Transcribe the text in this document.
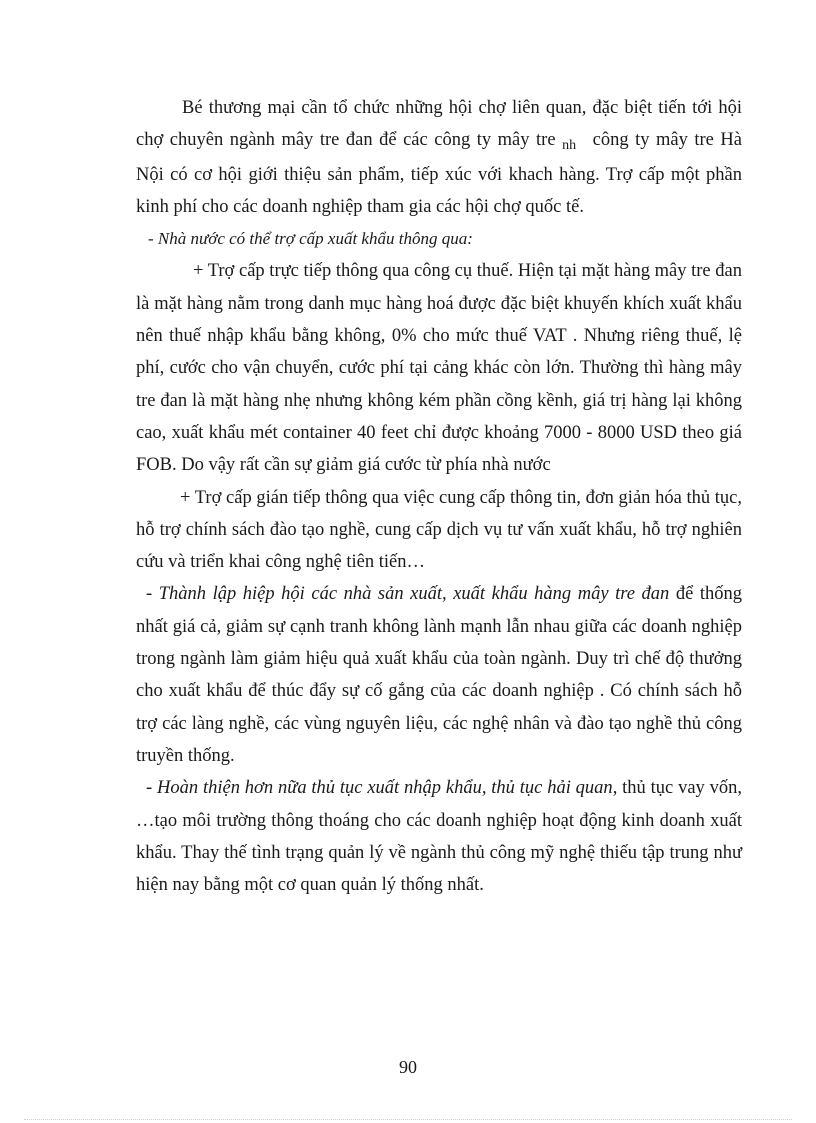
Bé thương mại cần tổ chức những hội chợ liên quan, đặc biệt tiến tới hội chợ chuyên ngành mây tre đan để các công ty mây tre $_{nh}$ công ty mây tre Hà Nội có cơ hội giới thiệu sản phẩm, tiếp xúc với khach hàng. Trợ cấp một phần kinh phí cho các doanh nghiệp tham gia các hội chợ quốc tế.

- Nhà nước có thể trợ cấp xuất khẩu thông qua:

+ Trợ cấp trực tiếp thông qua công cụ thuế. Hiện tại mặt hàng mây tre đan là mặt hàng nằm trong danh mục hàng hoá được đặc biệt khuyến khích xuất khẩu nên thuế nhập khẩu bằng không, 0% cho mức thuế VAT . Nhưng riêng thuế, lệ phí, cước cho vận chuyển, cước phí tại cảng khác còn lớn. Thường thì hàng mây tre đan là mặt hàng nhẹ nhưng không kém phần cồng kềnh, giá trị hàng lại không cao, xuất khẩu mét container 40 feet chỉ được khoảng 7000 - 8000 USD theo giá FOB. Do vậy rất cần sự giảm giá cước từ phía nhà nước

+ Trợ cấp gián tiếp thông qua việc cung cấp thông tin, đơn giản hóa thủ tục, hỗ trợ chính sách đào tạo nghề, cung cấp dịch vụ tư vấn xuất khẩu, hỗ trợ nghiên cứu và triển khai công nghệ tiên tiến…

- Thành lập hiệp hội các nhà sản xuất, xuất khẩu hàng mây tre đan để thống nhất giá cả, giảm sự cạnh tranh không lành mạnh lẫn nhau giữa các doanh nghiệp trong ngành làm giảm hiệu quả xuất khẩu của toàn ngành. Duy trì chế độ thưởng cho xuất khẩu để thúc đẩy sự cố gắng của các doanh nghiệp . Có chính sách hỗ trợ các làng nghề, các vùng nguyên liệu, các nghệ nhân và đào tạo nghề thủ công truyền thống.

- Hoàn thiện hơn nữa thủ tục xuất nhập khẩu, thủ tục hải quan, thủ tục vay vốn, …tạo môi trường thông thoáng cho các doanh nghiệp hoạt động kinh doanh xuất khẩu. Thay thế tình trạng quản lý về ngành thủ công mỹ nghệ thiếu tập trung như hiện nay bằng một cơ quan quản lý thống nhất.

90
